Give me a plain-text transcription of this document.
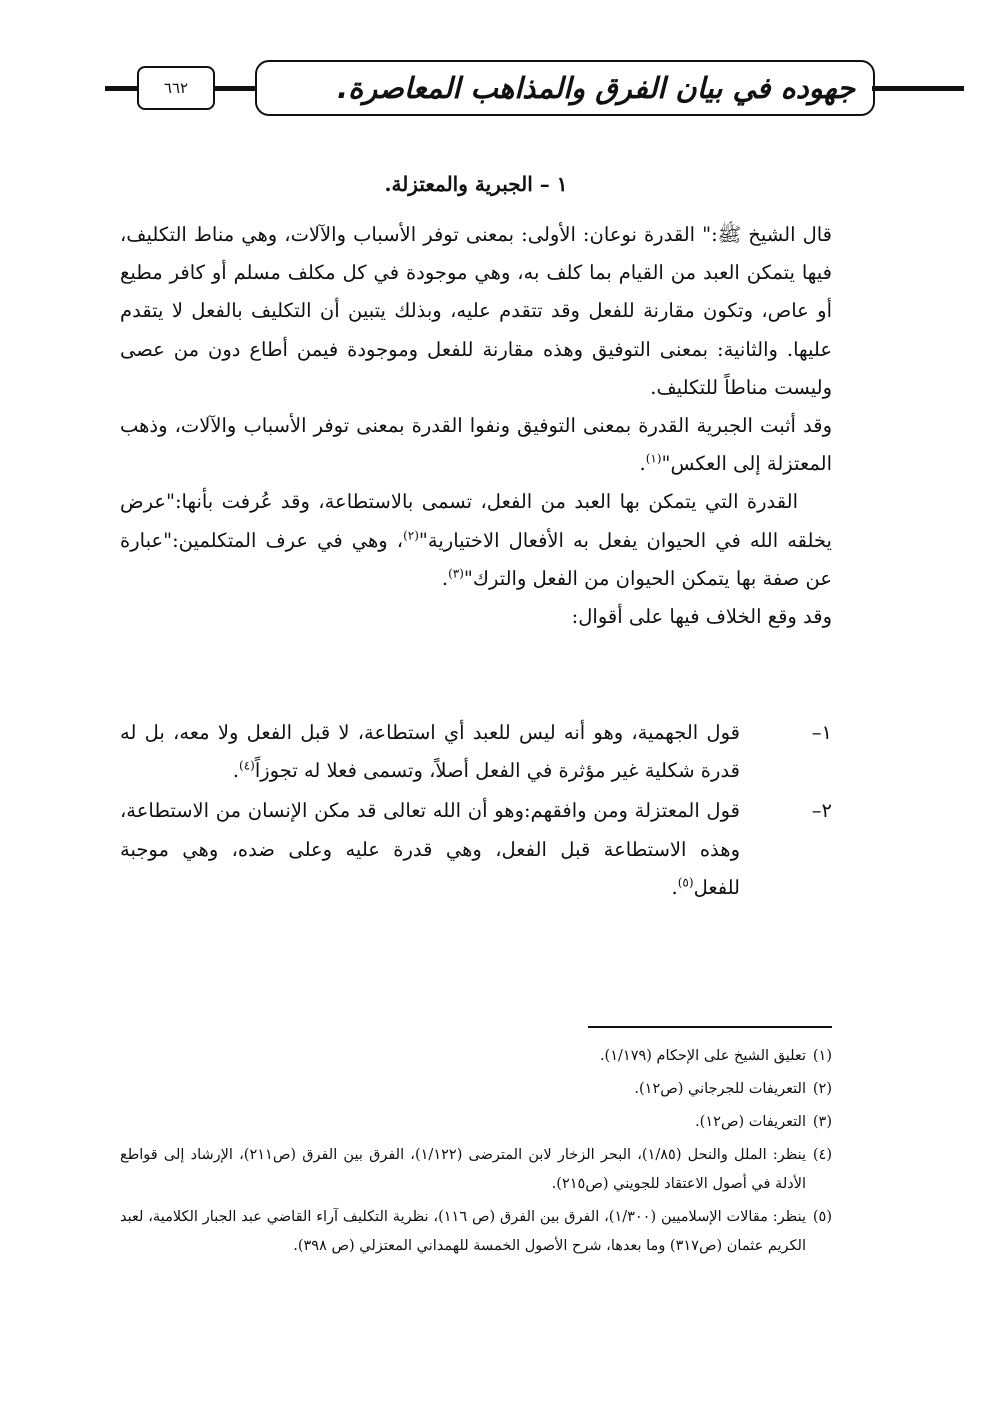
٦٦٢	جهوده في بيان الفرق والمذاهب المعاصرة.
١ – الجبرية والمعتزلة.

قال الشيخ ﷺ:" القدرة نوعان: الأولى: بمعنى توفر الأسباب والآلات، وهي مناط التكليف، فيها يتمكن العبد من القيام بما كلف به، وهي موجودة في كل مكلف مسلم أو كافر مطيع أو عاص، وتكون مقارنة للفعل وقد تتقدم عليه، وبذلك يتبين أن التكليف بالفعل لا يتقدم عليها. والثانية: بمعنى التوفيق وهذه مقارنة للفعل وموجودة فيمن أطاع دون من عصى وليست مناطاً للتكليف.

وقد أثبت الجبرية القدرة بمعنى التوفيق ونفوا القدرة بمعنى توفر الأسباب والآلات، وذهب المعتزلة إلى العكس"$^{(١)}$.

القدرة التي يتمكن بها العبد من الفعل، تسمى بالاستطاعة، وقد عُرفت بأنها:"عرض يخلقه الله في الحيوان يفعل به الأفعال الاختيارية"$^{(٢)}$، وهي في عرف المتكلمين:"عبارة عن صفة بها يتمكن الحيوان من الفعل والترك"$^{(٣)}$.

وقد وقع الخلاف فيها على أقوال:

١–
قول الجهمية، وهو أنه ليس للعبد أي استطاعة، لا قبل الفعل ولا معه، بل له قدرة شكلية غير مؤثرة في الفعل أصلاً، وتسمى فعلا له تجوزاً$^{(٤)}$.
٢–
قول المعتزلة ومن وافقهم:وهو أن الله تعالى قد مكن الإنسان من الاستطاعة، وهذه الاستطاعة قبل الفعل، وهي قدرة عليه وعلى ضده، وهي موجبة للفعل$^{(٥)}$.
(١)
تعليق الشيخ على الإحكام (١/١٧٩).
(٢)
التعريفات للجرجاني (ص١٢).
(٣)
التعريفات (ص١٢).
(٤)
ينظر: الملل والنحل (١/٨٥)، البحر الزخار لابن المترضى (١/١٢٢)، الفرق بين الفرق (ص٢١١)، الإرشاد إلى قواطع الأدلة في أصول الاعتقاد للجويني (ص٢١٥).
(٥)
ينظر: مقالات الإسلاميين (١/٣٠٠)، الفرق بين الفرق (ص ١١٦)، نظرية التكليف آراء القاضي عبد الجبار الكلامية، لعبد الكريم عثمان (ص٣١٧) وما بعدها، شرح الأصول الخمسة للهمداني المعتزلي (ص ٣٩٨).
